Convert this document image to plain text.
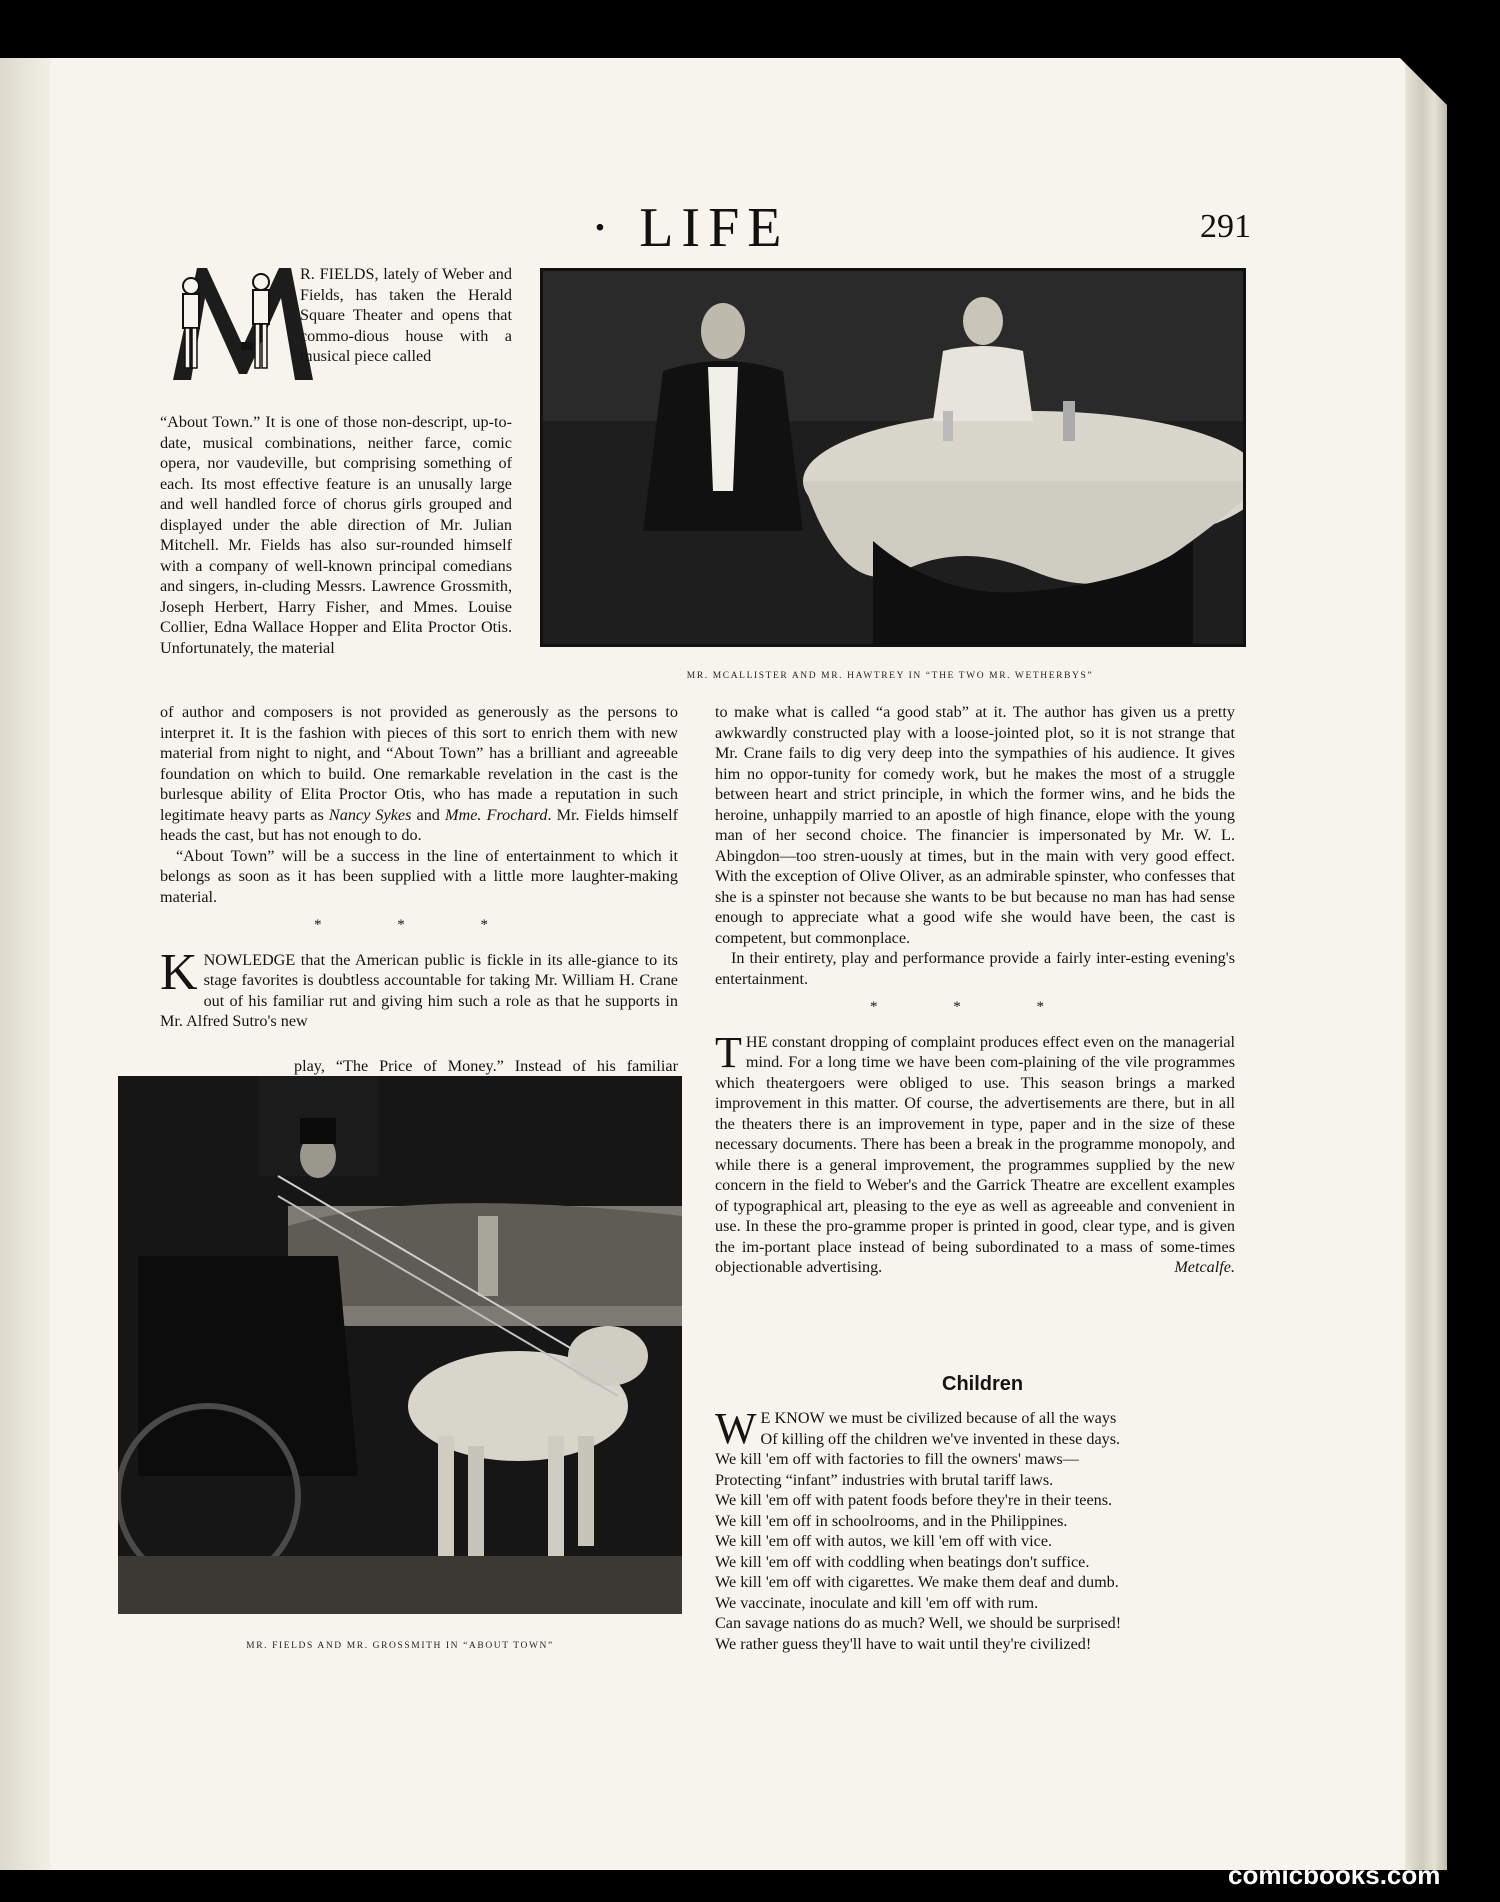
· LIFE	291

R. FIELDS, lately of Weber and Fields, has taken the Herald Square Theater and opens that commo-dious house with a musical piece called

“About Town.” It is one of those non-descript, up-to-date, musical combinations, neither farce, comic opera, nor vaudeville, but comprising something of each. Its most effective feature is an unusally large and well handled force of chorus girls grouped and displayed under the able direction of Mr. Julian Mitchell. Mr. Fields has also sur-rounded himself with a company of well-known principal comedians and singers, in-cluding Messrs. Lawrence Grossmith, Joseph Herbert, Harry Fisher, and Mmes. Louise Collier, Edna Wallace Hopper and Elita Proctor Otis. Unfortunately, the material

MR. MCALLISTER AND MR. HAWTREY IN “THE TWO MR. WETHERBYS”

of author and composers is not provided as generously as the persons to interpret it. It is the fashion with pieces of this sort to enrich them with new material from night to night, and “About Town” has a brilliant and agreeable foundation on which to build. One remarkable revelation in the cast is the burlesque ability of Elita Proctor Otis, who has made a reputation in such legitimate heavy parts as Nancy Sykes and Mme. Frochard. Mr. Fields himself heads the cast, but has not enough to do.

“About Town” will be a success in the line of entertainment to which it belongs as soon as it has been supplied with a little more laughter-making material.

* * *

KNOWLEDGE that the American public is fickle in its alle-giance to its stage favorites is doubtless accountable for taking Mr. William H. Crane out of his familiar rut and giving him such a role as that he supports in Mr. Alfred Sutro's new

play, “The Price of Money.” Instead of his familiar

MR. FIELDS AND MR. GROSSMITH IN “ABOUT TOWN”

to make what is called “a good stab” at it. The author has given us a pretty awkwardly constructed play with a loose-jointed plot, so it is not strange that Mr. Crane fails to dig very deep into the sympathies of his audience. It gives him no oppor-tunity for comedy work, but he makes the most of a struggle between heart and strict principle, in which the former wins, and he bids the heroine, unhappily married to an apostle of high finance, elope with the young man of her second choice. The financier is impersonated by Mr. W. L. Abingdon—too stren-uously at times, but in the main with very good effect. With the exception of Olive Oliver, as an admirable spinster, who confesses that she is a spinster not because she wants to be but because no man has had sense enough to appreciate what a good wife she would have been, the cast is competent, but commonplace.

In their entirety, play and performance provide a fairly inter-esting evening's entertainment.

* * *

THE constant dropping of complaint produces effect even on the managerial mind. For a long time we have been com-plaining of the vile programmes which theatergoers were obliged to use. This season brings a marked improvement in this matter. Of course, the advertisements are there, but in all the theaters there is an improvement in type, paper and in the size of these necessary documents. There has been a break in the programme monopoly, and while there is a general improvement, the programmes supplied by the new concern in the field to Weber's and the Garrick Theatre are excellent examples of typographical art, pleasing to the eye as well as agreeable and convenient in use. In these the pro-gramme proper is printed in good, clear type, and is given the im-portant place instead of being subordinated to a mass of some-times objectionable advertising.	Metcalfe.

Children
W E KNOW we must be civilized because of all the ways
Of killing off the children we've invented in these days.
We kill 'em off with factories to fill the owners' maws—
Protecting “infant” industries with brutal tariff laws.
We kill 'em off with patent foods before they're in their teens.
We kill 'em off in schoolrooms, and in the Philippines.
We kill 'em off with autos, we kill 'em off with vice.
We kill 'em off with coddling when beatings don't suffice.
We kill 'em off with cigarettes. We make them deaf and dumb.
We vaccinate, inoculate and kill 'em off with rum.
Can savage nations do as much? Well, we should be surprised!
We rather guess they'll have to wait until they're civilized!
comicbooks.com
